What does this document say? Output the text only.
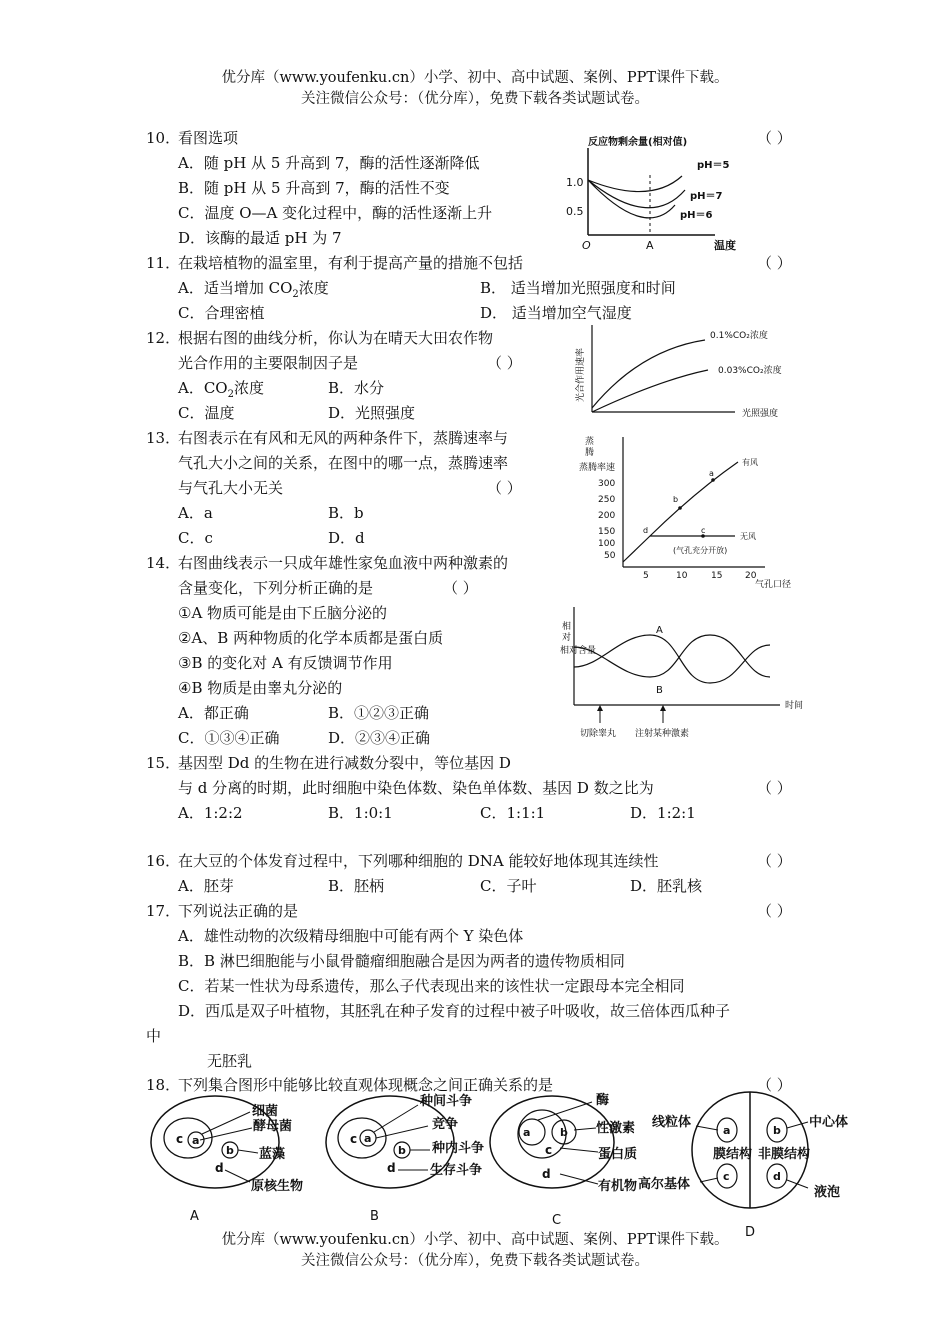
优分库（www.youfenku.cn）小学、初中、高中试题、案例、PPT课件下载。
关注微信公众号：（优分库），免费下载各类试题试卷。
10．
看图选项	（ ）
A．随 pH 从 5 升高到 7，酶的活性逐渐降低
B．随 pH 从 5 升高到 7，酶的活性不变
C．温度 O—A 变化过程中，酶的活性逐渐上升
D．该酶的最适 pH 为 7
反应物剩余量(相对值)
1.0
0.5
O	A	温度
pH＝5
pH＝7
pH＝6
11．
在栽培植物的温室里，有利于提高产量的措施不包括	（ ）
A．适当增加 $CO_2$浓度	B． 适当增加光照强度和时间
C．合理密植	D． 适当增加空气湿度
12．
根据右图的曲线分析，你认为在晴天大田农作物
光合作用的主要限制因子是	（ ）
A．$CO_2$浓度	B．水分
C．温度	D．光照强度
光合作用速率
光照强度
0.1%CO₂浓度
0.03%CO₂浓度
13．
右图表示在有风和无风的两种条件下，蒸腾速率与
气孔大小之间的关系，在图中的哪一点，蒸腾速率
与气孔大小无关	（ ）
A．a	B．b
C．c	D．d
蒸
腾
蒸腾率速
300
250
200
150
100
50
5	10	15	20
气孔口径
a
b
c
d
有风
无风
(气孔充分开放)
14．
右图曲线表示一只成年雄性家兔血液中两种激素的
含量变化，下列分析正确的是	（ ）
①A 物质可能是由下丘脑分泌的
②A、B 两种物质的化学本质都是蛋白质
③B 的变化对 A 有反馈调节作用
④B 物质是由睾丸分泌的
A．都正确	B．①②③正确
C．①③④正确	D．②③④正确
相
对
相对含量
时间
A
B
切除睾丸 注射某种激素
15．
基因型 Dd 的生物在进行减数分裂中，等位基因 D
与 d 分离的时期，此时细胞中染色体数、染色单体数、基因 D 数之比为	（ ）
A．1:2:2	B．1:0:1	C．1:1:1	D．1:2:1
16．
在大豆的个体发育过程中，下列哪种细胞的 DNA 能较好地体现其连续性	（ ）
A．胚芽	B．胚柄	C．子叶	D．胚乳核
17．
下列说法正确的是	（ ）
A．雄性动物的次级精母细胞中可能有两个 Y 染色体
B．B 淋巴细胞能与小鼠骨髓瘤细胞融合是因为两者的遗传物质相同
C．若某一性状为母系遗传，那么子代表现出来的该性状一定跟母本完全相同
D．西瓜是双子叶植物，其胚乳在种子发育的过程中被子叶吸收，故三倍体西瓜种子
中
无胚乳
18．
下列集合图形中能够比较直观体现概念之间正确关系的是	（ ）
c a
b
d
细菌
酵母菌
蓝藻
原核生物
A
c a
b
d
种间斗争
竞争
种内斗争
生存斗争
B
a	b
c
d
酶
性激素
蛋白质
有机物
C
a
c
b
d
膜结构 非膜结构
线粒体	中心体
高尔基体
液泡
D
优分库（www.youfenku.cn）小学、初中、高中试题、案例、PPT课件下载。
关注微信公众号：（优分库），免费下载各类试题试卷。
